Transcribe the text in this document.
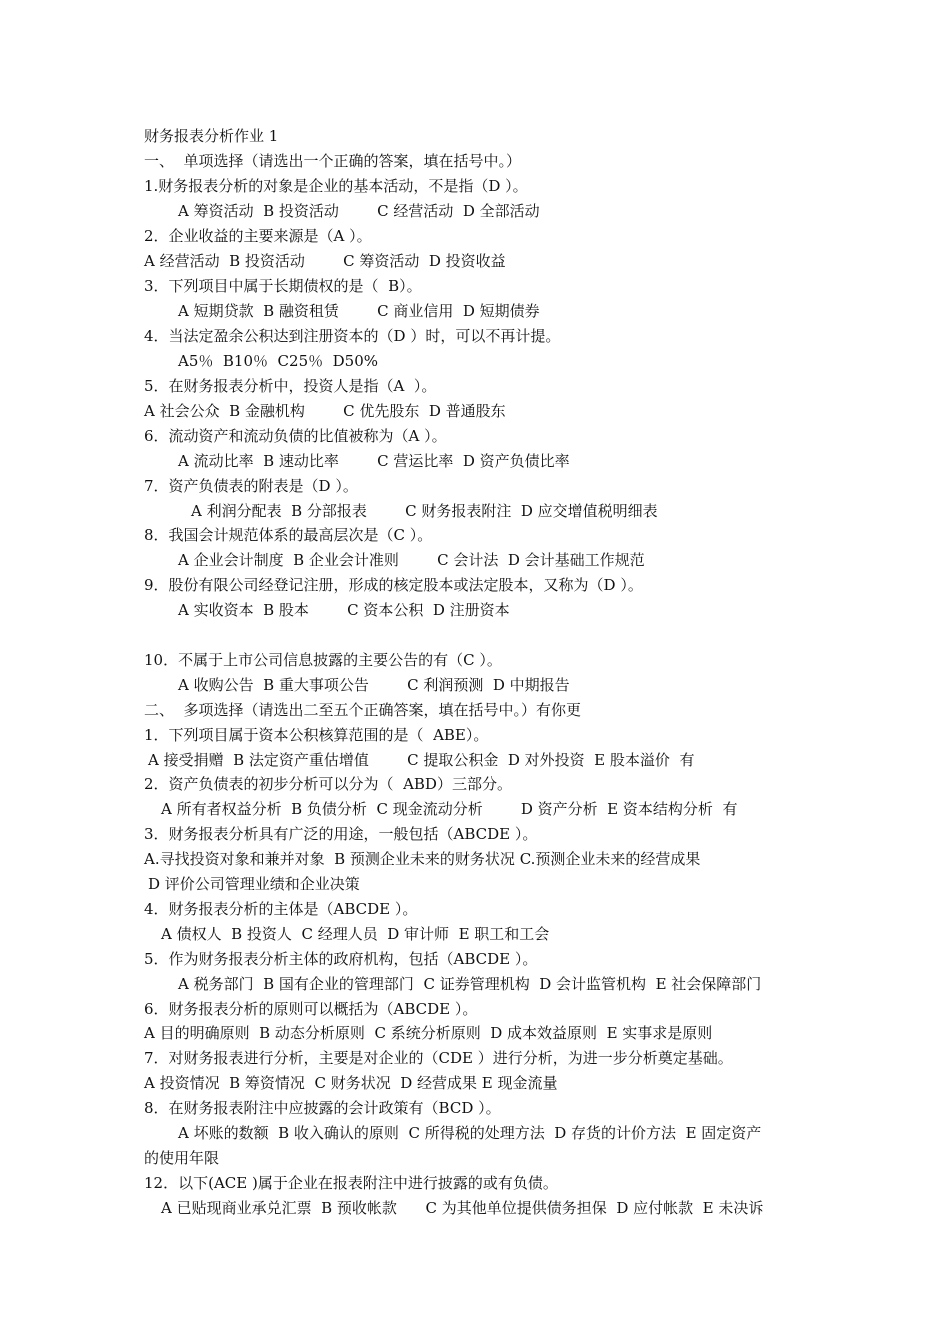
财务报表分析作业 1
一、  单项选择（请选出一个正确的答案，填在括号中。）
1.财务报表分析的对象是企业的基本活动，不是指（D ）。
A 筹资活动  B 投资活动        C 经营活动  D 全部活动
2．企业收益的主要来源是（A ）。
A 经营活动  B 投资活动        C 筹资活动  D 投资收益
3．下列项目中属于长期债权的是（  B）。
A 短期贷款  B 融资租赁        C 商业信用  D 短期债券
4．当法定盈余公积达到注册资本的（D ）时，可以不再计提。
A5％  B10％  C25％  D50%
5．在财务报表分析中，投资人是指（A  ）。
A 社会公众  B 金融机构        C 优先股东  D 普通股东
6．流动资产和流动负债的比值被称为（A ）。
A 流动比率  B 速动比率        C 营运比率  D 资产负债比率
7．资产负债表的附表是（D ）。
A 利润分配表  B 分部报表        C 财务报表附注  D 应交增值税明细表
8．我国会计规范体系的最高层次是（C ）。
A 企业会计制度  B 企业会计准则        C 会计法  D 会计基础工作规范
9．股份有限公司经登记注册，形成的核定股本或法定股本，又称为（D ）。
A 实收资本  B 股本        C 资本公积  D 注册资本
10．不属于上市公司信息披露的主要公告的有（C ）。
A 收购公告  B 重大事项公告        C 利润预测  D 中期报告
二、  多项选择（请选出二至五个正确答案，填在括号中。）有你更
1．下列项目属于资本公积核算范围的是（  ABE）。
A 接受捐赠  B 法定资产重估增值        C 提取公积金  D 对外投资  E 股本溢价  有
2．资产负债表的初步分析可以分为（  ABD）三部分。
A 所有者权益分析  B 负债分析  C 现金流动分析        D 资产分析  E 资本结构分析  有
3．财务报表分析具有广泛的用途，一般包括（ABCDE ）。
A.寻找投资对象和兼并对象  B 预测企业未来的财务状况 C.预测企业未来的经营成果
D 评价公司管理业绩和企业决策
4．财务报表分析的主体是（ABCDE ）。
A 债权人  B 投资人  C 经理人员  D 审计师  E 职工和工会
5．作为财务报表分析主体的政府机构，包括（ABCDE ）。
A 税务部门  B 国有企业的管理部门  C 证券管理机构  D 会计监管机构  E 社会保障部门
6．财务报表分析的原则可以概括为（ABCDE ）。
A 目的明确原则  B 动态分析原则  C 系统分析原则  D 成本效益原则  E 实事求是原则
7．对财务报表进行分析，主要是对企业的（CDE ）进行分析，为进一步分析奠定基础。
A 投资情况  B 筹资情况  C 财务状况  D 经营成果 E 现金流量
8．在财务报表附注中应披露的会计政策有（BCD ）。
A 坏账的数额  B 收入确认的原则  C 所得税的处理方法  D 存货的计价方法  E 固定资产
的使用年限
12．以下(ACE )属于企业在报表附注中进行披露的或有负债。
A 已贴现商业承兑汇票  B 预收帐款      C 为其他单位提供债务担保  D 应付帐款  E 未决诉
